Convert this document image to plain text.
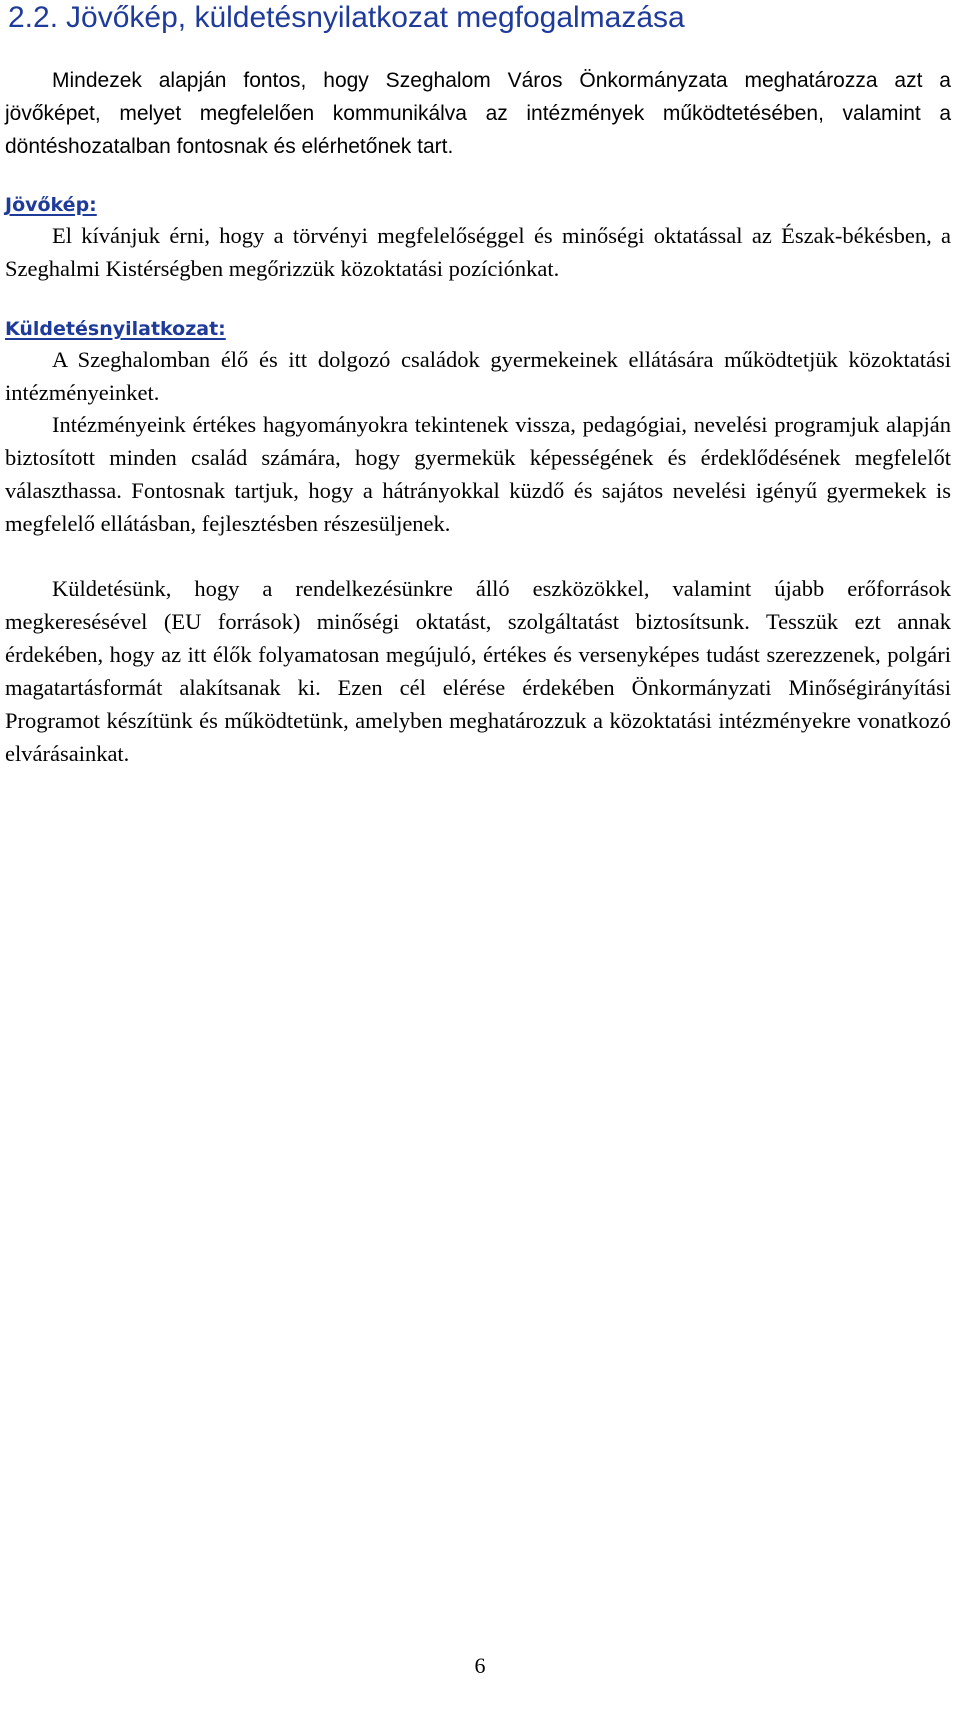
2.2. Jövőkép, küldetésnyilatkozat megfogalmazása

Mindezek alapján fontos, hogy Szeghalom Város Önkormányzata meghatározza azt a jövőképet, melyet megfelelően kommunikálva az intézmények működtetésében, valamint a döntéshozatalban fontosnak és elérhetőnek tart.

Jövőkép:

El kívánjuk érni, hogy a törvényi megfelelőséggel és minőségi oktatással az Észak-békésben, a Szeghalmi Kistérségben megőrizzük közoktatási pozíciónkat.

Küldetésnyilatkozat:

A Szeghalomban élő és itt dolgozó családok gyermekeinek ellátására működtetjük közoktatási intézményeinket.

Intézményeink értékes hagyományokra tekintenek vissza, pedagógiai, nevelési programjuk alapján biztosított minden család számára, hogy gyermekük képességének és érdeklődésének megfelelőt választhassa. Fontosnak tartjuk, hogy a hátrányokkal küzdő és sajátos nevelési igényű gyermekek is megfelelő ellátásban, fejlesztésben részesüljenek.

Küldetésünk, hogy a rendelkezésünkre álló eszközökkel, valamint újabb erőforrások megkeresésével (EU források) minőségi oktatást, szolgáltatást biztosítsunk. Tesszük ezt annak érdekében, hogy az itt élők folyamatosan megújuló, értékes és versenyképes tudást szerezzenek, polgári magatartásformát alakítsanak ki. Ezen cél elérése érdekében Önkormányzati Minőségirányítási Programot készítünk és működtetünk, amelyben meghatározzuk a közoktatási intézményekre vonatkozó elvárásainkat.

6
